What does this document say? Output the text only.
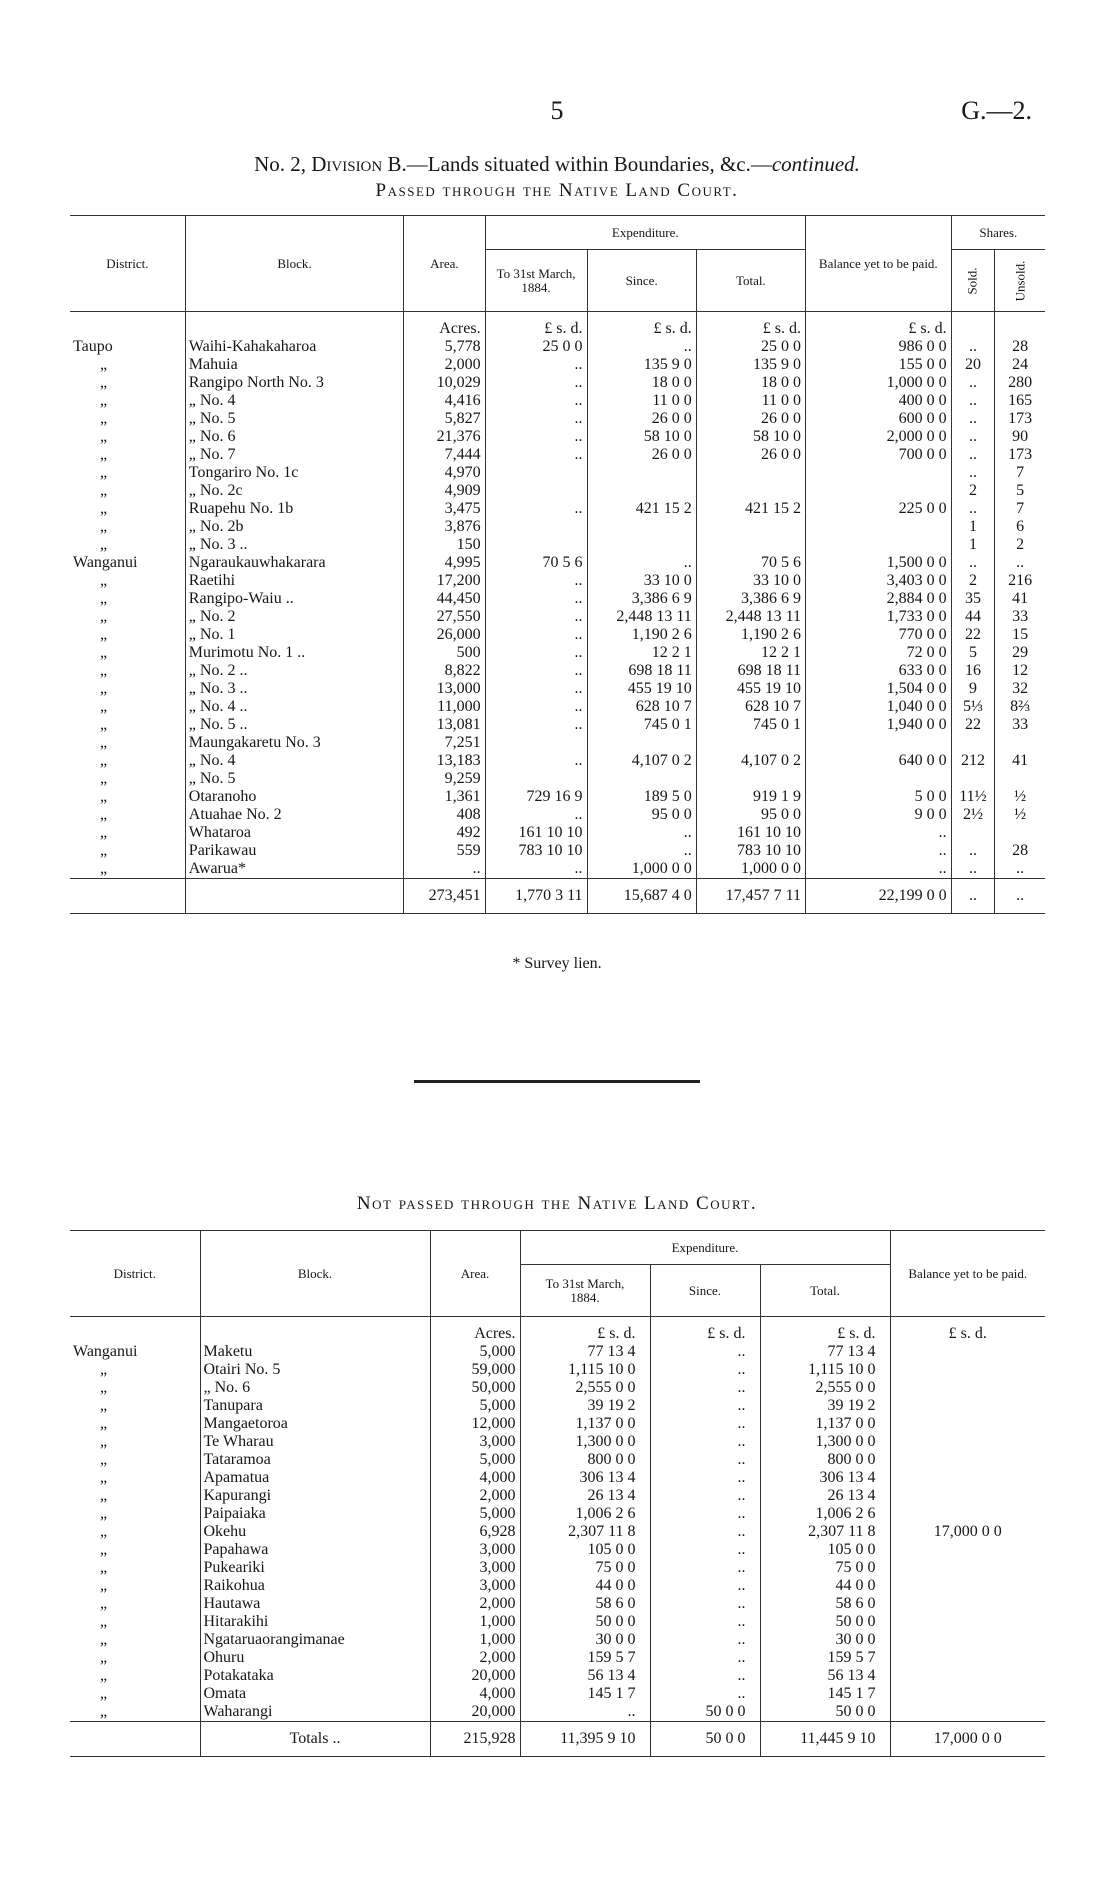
5	G.—2.
No. 2, Division B.—Lands situated within Boundaries, &c.—continued.
Passed through the Native Land Court.
District.	Block.	Area.	Expenditure.			Balance yet to be paid.	Shares.	
			To 31st March, 1884.	Since.	Total.		Sold.	Unsold.
		Acres.	£ s. d.	£ s. d.	£ s. d.	£ s. d.		
Taupo	Waihi-Kahakaharoa	5,778	25 0 0	..	25 0 0	986 0 0	..	28
„	Mahuia	2,000	..	135 9 0	135 9 0	155 0 0	20	24
„	Rangipo North No. 3	10,029	..	18 0 0	18 0 0	1,000 0 0	..	280
„	„ No. 4	4,416	..	11 0 0	11 0 0	400 0 0	..	165
„	„ No. 5	5,827	..	26 0 0	26 0 0	600 0 0	..	173
„	„ No. 6	21,376	..	58 10 0	58 10 0	2,000 0 0	..	90
„	„ No. 7	7,444	..	26 0 0	26 0 0	700 0 0	..	173
„	Tongariro No. 1c	4,970					..	7
„	„ No. 2c	4,909					2	5
„	Ruapehu No. 1b	3,475	..	421 15 2	421 15 2	225 0 0	..	7
„	„ No. 2b	3,876					1	6
„	„ No. 3 ..	150					1	2
Wanganui	Ngaraukauwhakarara	4,995	70 5 6	..	70 5 6	1,500 0 0	..	..
„	Raetihi	17,200	..	33 10 0	33 10 0	3,403 0 0	2	216
„	Rangipo-Waiu ..	44,450	..	3,386 6 9	3,386 6 9	2,884 0 0	35	41
„	„ No. 2	27,550	..	2,448 13 11	2,448 13 11	1,733 0 0	44	33
„	„ No. 1	26,000	..	1,190 2 6	1,190 2 6	770 0 0	22	15
„	Murimotu No. 1 ..	500	..	12 2 1	12 2 1	72 0 0	5	29
„	„ No. 2 ..	8,822	..	698 18 11	698 18 11	633 0 0	16	12
„	„ No. 3 ..	13,000	..	455 19 10	455 19 10	1,504 0 0	9	32
„	„ No. 4 ..	11,000	..	628 10 7	628 10 7	1,040 0 0	5⅓	8⅔
„	„ No. 5 ..	13,081	..	745 0 1	745 0 1	1,940 0 0	22	33
„	Maungakaretu No. 3	7,251						
„	„ No. 4	13,183	..	4,107 0 2	4,107 0 2	640 0 0	212	41
„	„ No. 5	9,259						
„	Otaranoho	1,361	729 16 9	189 5 0	919 1 9	5 0 0	11½	½
„	Atuahae No. 2	408	..	95 0 0	95 0 0	9 0 0	2½	½
„	Whataroa	492	161 10 10	..	161 10 10	..		
„	Parikawau	559	783 10 10	..	783 10 10	..	..	28
„	Awarua*	..	..	1,000 0 0	1,000 0 0	..	..	..
		273,451	1,770 3 11	15,687 4 0	17,457 7 11	22,199 0 0	..	..
* Survey lien.
Not passed through the Native Land Court.
District.	Block.	Area.	Expenditure.			Balance yet to be paid.
			To 31st March, 1884.	Since.	Total.	
		Acres.	£ s. d.	£ s. d.	£ s. d.	£ s. d.
Wanganui	Maketu	5,000	77 13 4	..	77 13 4	17,000 0 0
„	Otairi No. 5	59,000	1,115 10 0	..	1,115 10 0	
„	„ No. 6	50,000	2,555 0 0	..	2,555 0 0	
„	Tanupara	5,000	39 19 2	..	39 19 2	
„	Mangaetoroa	12,000	1,137 0 0	..	1,137 0 0	
„	Te Wharau	3,000	1,300 0 0	..	1,300 0 0	
„	Tataramoa	5,000	800 0 0	..	800 0 0	
„	Apamatua	4,000	306 13 4	..	306 13 4	
„	Kapurangi	2,000	26 13 4	..	26 13 4	
„	Paipaiaka	5,000	1,006 2 6	..	1,006 2 6	
„	Okehu	6,928	2,307 11 8	..	2,307 11 8	
„	Papahawa	3,000	105 0 0	..	105 0 0	
„	Pukeariki	3,000	75 0 0	..	75 0 0	
„	Raikohua	3,000	44 0 0	..	44 0 0	
„	Hautawa	2,000	58 6 0	..	58 6 0	
„	Hitarakihi	1,000	50 0 0	..	50 0 0	
„	Ngataruaorangimanae	1,000	30 0 0	..	30 0 0	
„	Ohuru	2,000	159 5 7	..	159 5 7	
„	Potakataka	20,000	56 13 4	..	56 13 4	
„	Omata	4,000	145 1 7	..	145 1 7	
„	Waharangi	20,000	..	50 0 0	50 0 0	
	Totals ..	215,928	11,395 9 10	50 0 0	11,445 9 10	17,000 0 0
